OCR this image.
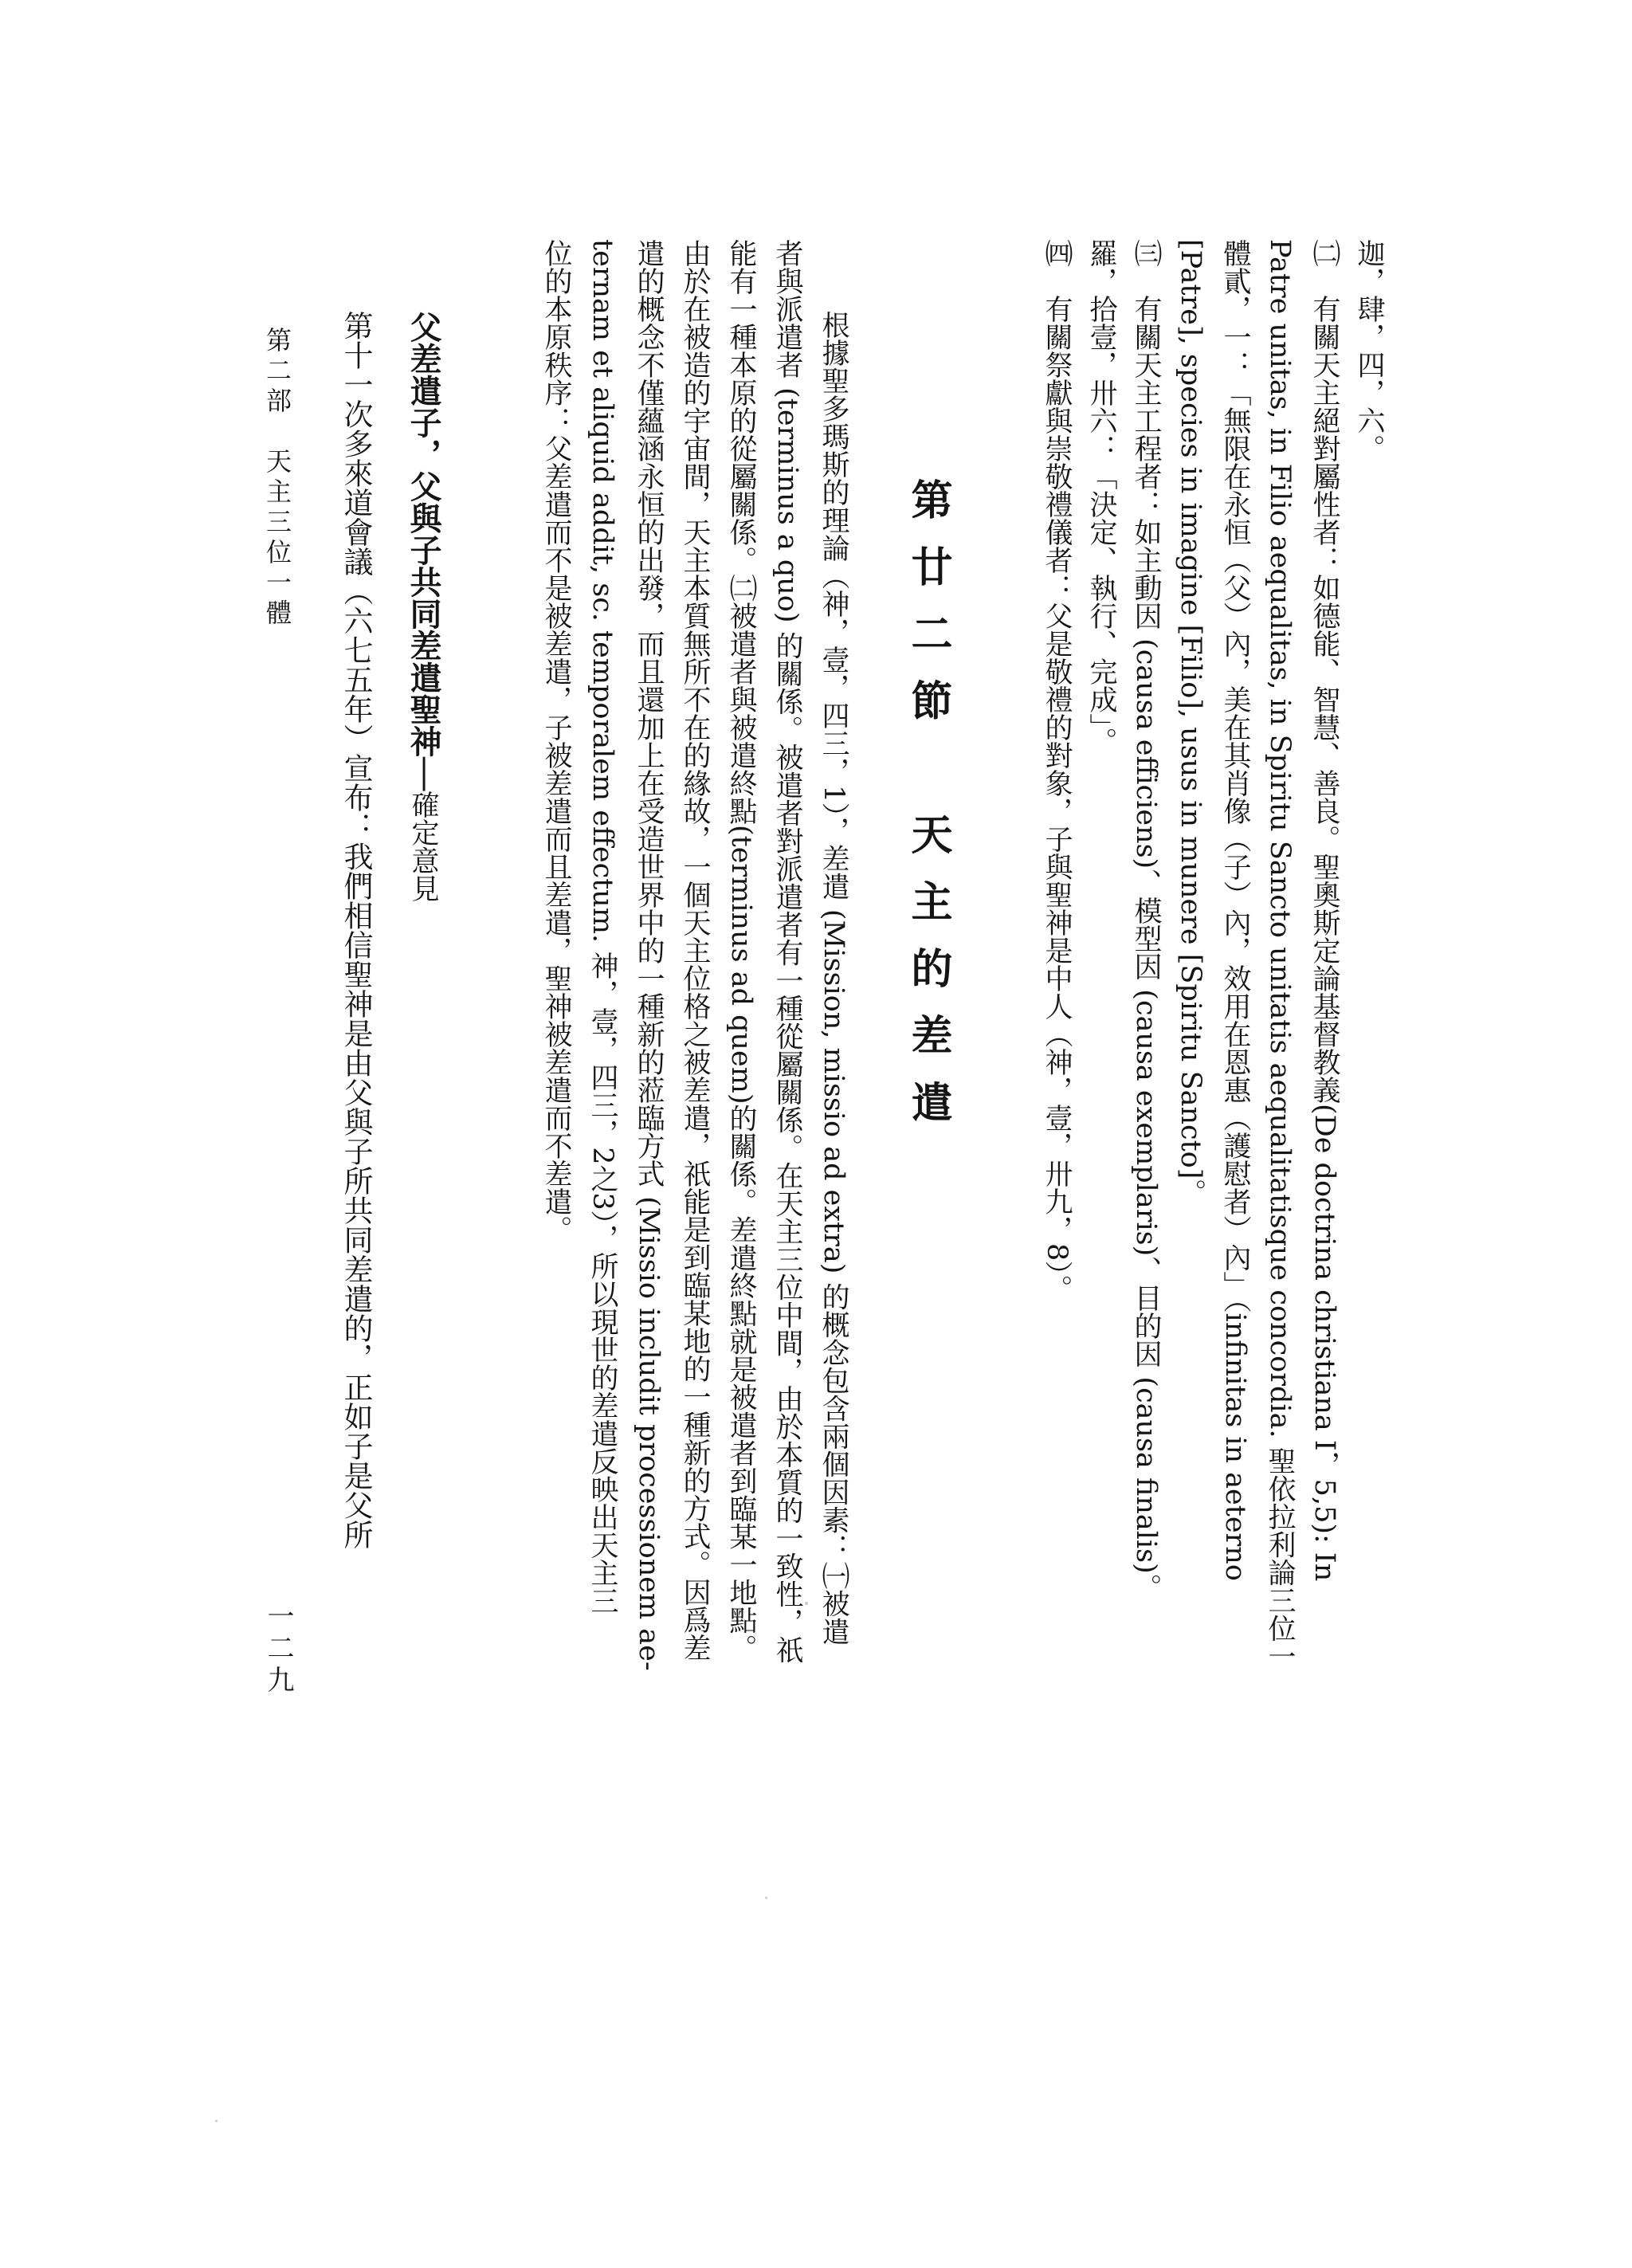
迦，肆，四，六。
㈡　有關天主絕對屬性者：如德能、智慧、善良。聖奧斯定論基督教義(De doctrina christiana I，5,5): In
Patre unitas, in Filio aequalitas, in Spiritu Sancto unitatis aequalitatisque concordia. 聖依拉利論三位一
體貳，一：「無限在永恒（父）內，美在其肖像（子）內，效用在恩惠（護慰者）內」（infinitas in aeterno
[Patre], species in imagine [Filio], usus in munere [Spiritu Sancto]。
㈢　有關天主工程者：如主動因 (causa efficiens)、模型因 (causa exemplaris)、目的因 (causa finalis)。
羅，拾壹，卅六：「決定、執行、完成」。
㈣　有關祭獻與崇敬禮儀者：父是敬禮的對象，子與聖神是中人（神，壹，卅九，8）。
第廿二節　天主的差遣
根據聖多瑪斯的理論（神，壹，四三，1），差遣 (Mission, missio ad extra) 的概念包含兩個因素：㈠被遣
者與派遣者 (terminus a quo) 的關係。被遣者對派遣者有一種從屬關係。在天主三位中間，由於本質的一致性，祇
能有一種本原的從屬關係。㈡被遣者與被遣終點(terminus ad quem)的關係。差遣終點就是被遣者到臨某一地點。
由於在被造的宇宙間，天主本質無所不在的緣故，一個天主位格之被差遣，祇能是到臨某地的一種新的方式。因爲差
遣的概念不僅蘊涵永恒的出發，而且還加上在受造世界中的一種新的蒞臨方式 (Missio includit processionem ae-
ternam et aliquid addit, sc. temporalem effectum. 神，壹，四三，2之3），所以現世的差遣反映出天主三
位的本原秩序：父差遣而不是被差遣，子被差遣而且差遣，聖神被差遣而不差遣。
父差遣子，父與子共同差遣聖神──確定意見
第十一次多來道會議（六七五年）宣布：我們相信聖神是由父與子所共同差遣的，正如子是父所
第二部　天主三位一體
一二九
